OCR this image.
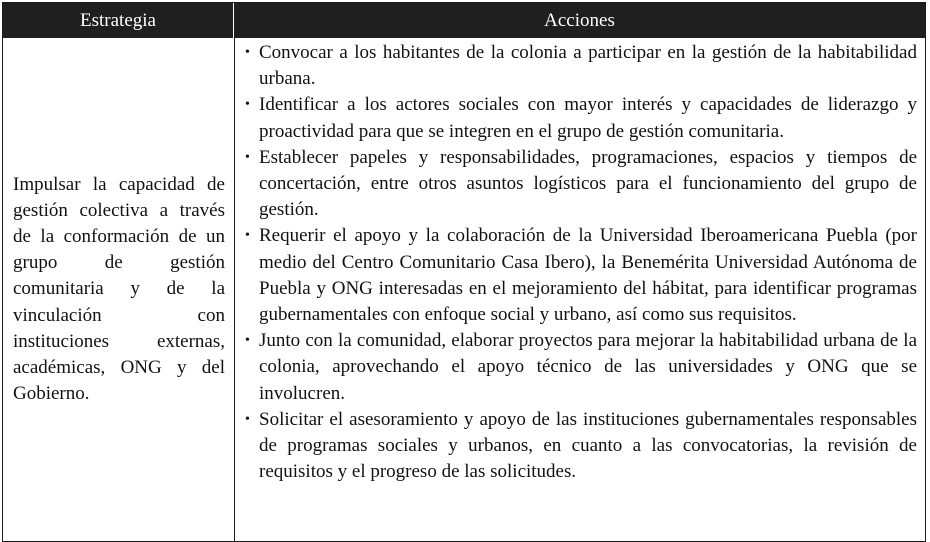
Estrategia	Acciones

Impulsar la capacidad de gestión colectiva a través de la conformación de un grupo de gestión comunitaria y de la vinculación con instituciones externas, académicas, ONG y del Gobierno.

• Convocar a los habitantes de la colonia a participar en la gestión de la habitabilidad urbana.
• Identificar a los actores sociales con mayor interés y capacidades de liderazgo y proactividad para que se integren en el grupo de gestión comunitaria.
• Establecer papeles y responsabilidades, programaciones, espacios y tiempos de concertación, entre otros asuntos logísticos para el funcionamiento del grupo de gestión.
• Requerir el apoyo y la colaboración de la Universidad Iberoamericana Puebla (por medio del Centro Comunitario Casa Ibero), la Benemérita Universidad Autónoma de Puebla y ONG interesadas en el mejoramiento del hábitat, para identificar programas gubernamentales con enfoque social y urbano, así como sus requisitos.
• Junto con la comunidad, elaborar proyectos para mejorar la habitabilidad urbana de la colonia, aprovechando el apoyo técnico de las universidades y ONG que se involucren.
• Solicitar el asesoramiento y apoyo de las instituciones gubernamentales responsables de programas sociales y urbanos, en cuanto a las convocatorias, la revisión de requisitos y el progreso de las solicitudes.
